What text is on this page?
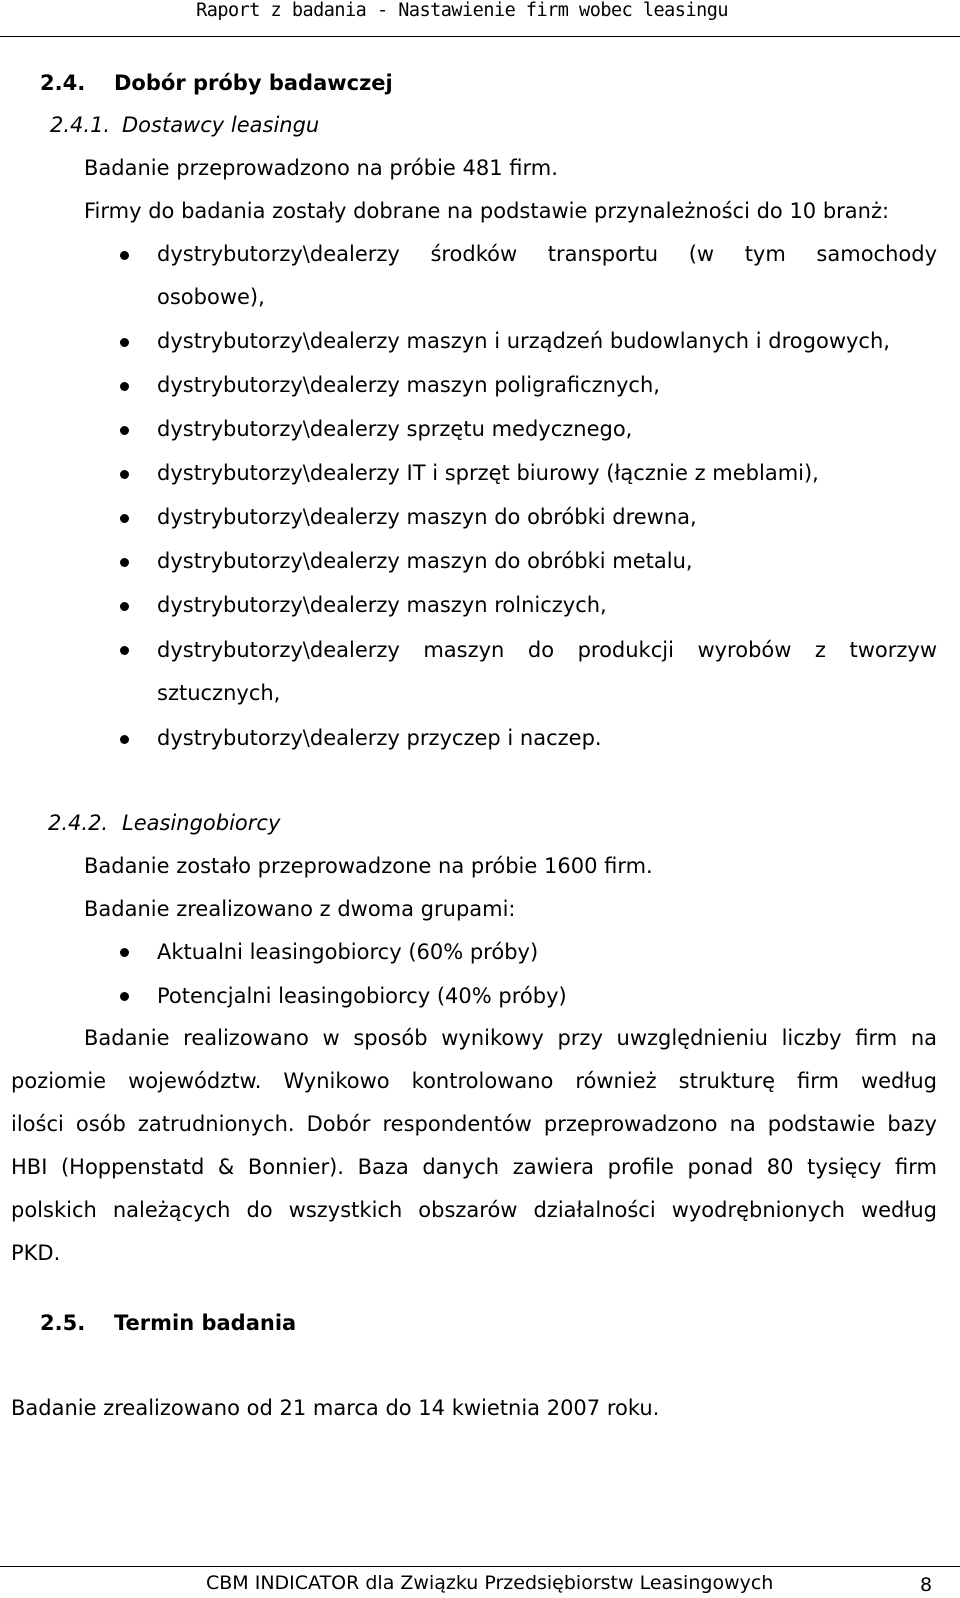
Raport z badania - Nastawienie firm wobec leasingu
2.4. Dobór próby badawczej
2.4.1. Dostawcy leasingu
Badanie przeprowadzono na próbie 481 firm.
Firmy do badania zostały dobrane na podstawie przynależności do 10 branż:
dystrybutorzy\dealerzy środków transportu (w tym samochody
osobowe),
dystrybutorzy\dealerzy maszyn i urządzeń budowlanych i drogowych,
dystrybutorzy\dealerzy maszyn poligraficznych,
dystrybutorzy\dealerzy sprzętu medycznego,
dystrybutorzy\dealerzy IT i sprzęt biurowy (łącznie z meblami),
dystrybutorzy\dealerzy maszyn do obróbki drewna,
dystrybutorzy\dealerzy maszyn do obróbki metalu,
dystrybutorzy\dealerzy maszyn rolniczych,
dystrybutorzy\dealerzy maszyn do produkcji wyrobów z tworzyw
sztucznych,
dystrybutorzy\dealerzy przyczep i naczep.
2.4.2. Leasingobiorcy
Badanie zostało przeprowadzone na próbie 1600 firm.
Badanie zrealizowano z dwoma grupami:
Aktualni leasingobiorcy (60% próby)
Potencjalni leasingobiorcy (40% próby)
Badanie realizowano w sposób wynikowy przy uwzględnieniu liczby firm na
poziomie województw. Wynikowo kontrolowano również strukturę firm według
ilości osób zatrudnionych. Dobór respondentów przeprowadzono na podstawie bazy
HBI (Hoppenstatd & Bonnier). Baza danych zawiera profile ponad 80 tysięcy firm
polskich należących do wszystkich obszarów działalności wyodrębnionych według
PKD.
2.5. Termin badania
Badanie zrealizowano od 21 marca do 14 kwietnia 2007 roku.
CBM INDICATOR dla Związku Przedsiębiorstw Leasingowych	8
